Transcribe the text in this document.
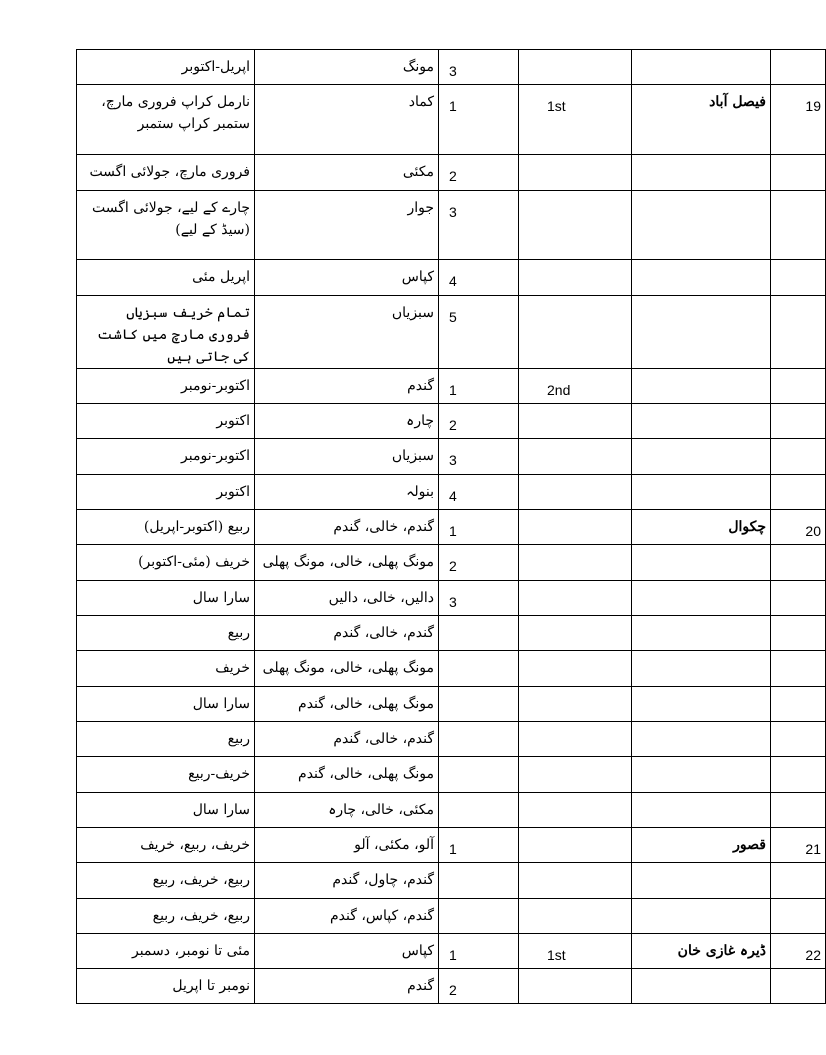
اپریل-اکتوبر	مونگ	3			
نارمل کراپ فروری مارچ، ستمبر کراپ ستمبر	کماد	1	1st	فیصل آباد	19
فروری مارچ، جولائی اگست	مکئی	2			
چارے کے لیے، جولائی اگست (سیڈ کے لیے)	جوار	3			
اپریل مئی	کپاس	4			
تمام خریف سبزیاں فروری مارچ میں کاشت کی جاتی ہیں	سبزیاں	5			
اکتوبر-نومبر	گندم	1	2nd		
اکتوبر	چارہ	2			
اکتوبر-نومبر	سبزیاں	3			
اکتوبر	بنولہ	4			
ربیع (اکتوبر-اپریل)	گندم، خالی، گندم	1		چکوال	20
خریف (مئی-اکتوبر)	مونگ پھلی، خالی، مونگ پھلی	2			
سارا سال	دالیں، خالی، دالیں	3			
ربیع	گندم، خالی، گندم				
خریف	مونگ پھلی، خالی، مونگ پھلی				
سارا سال	مونگ پھلی، خالی، گندم				
ربیع	گندم، خالی، گندم				
خریف-ربیع	مونگ پھلی، خالی، گندم				
سارا سال	مکئی، خالی، چارہ				
خریف، ربیع، خریف	آلو، مکئی، آلو	1		قصور	21
ربیع، خریف، ربیع	گندم، چاول، گندم				
ربیع، خریف، ربیع	گندم، کپاس، گندم				
مئی تا نومبر، دسمبر	کپاس	1	1st	ڈیرہ غازی خان	22
نومبر تا اپریل	گندم	2			
